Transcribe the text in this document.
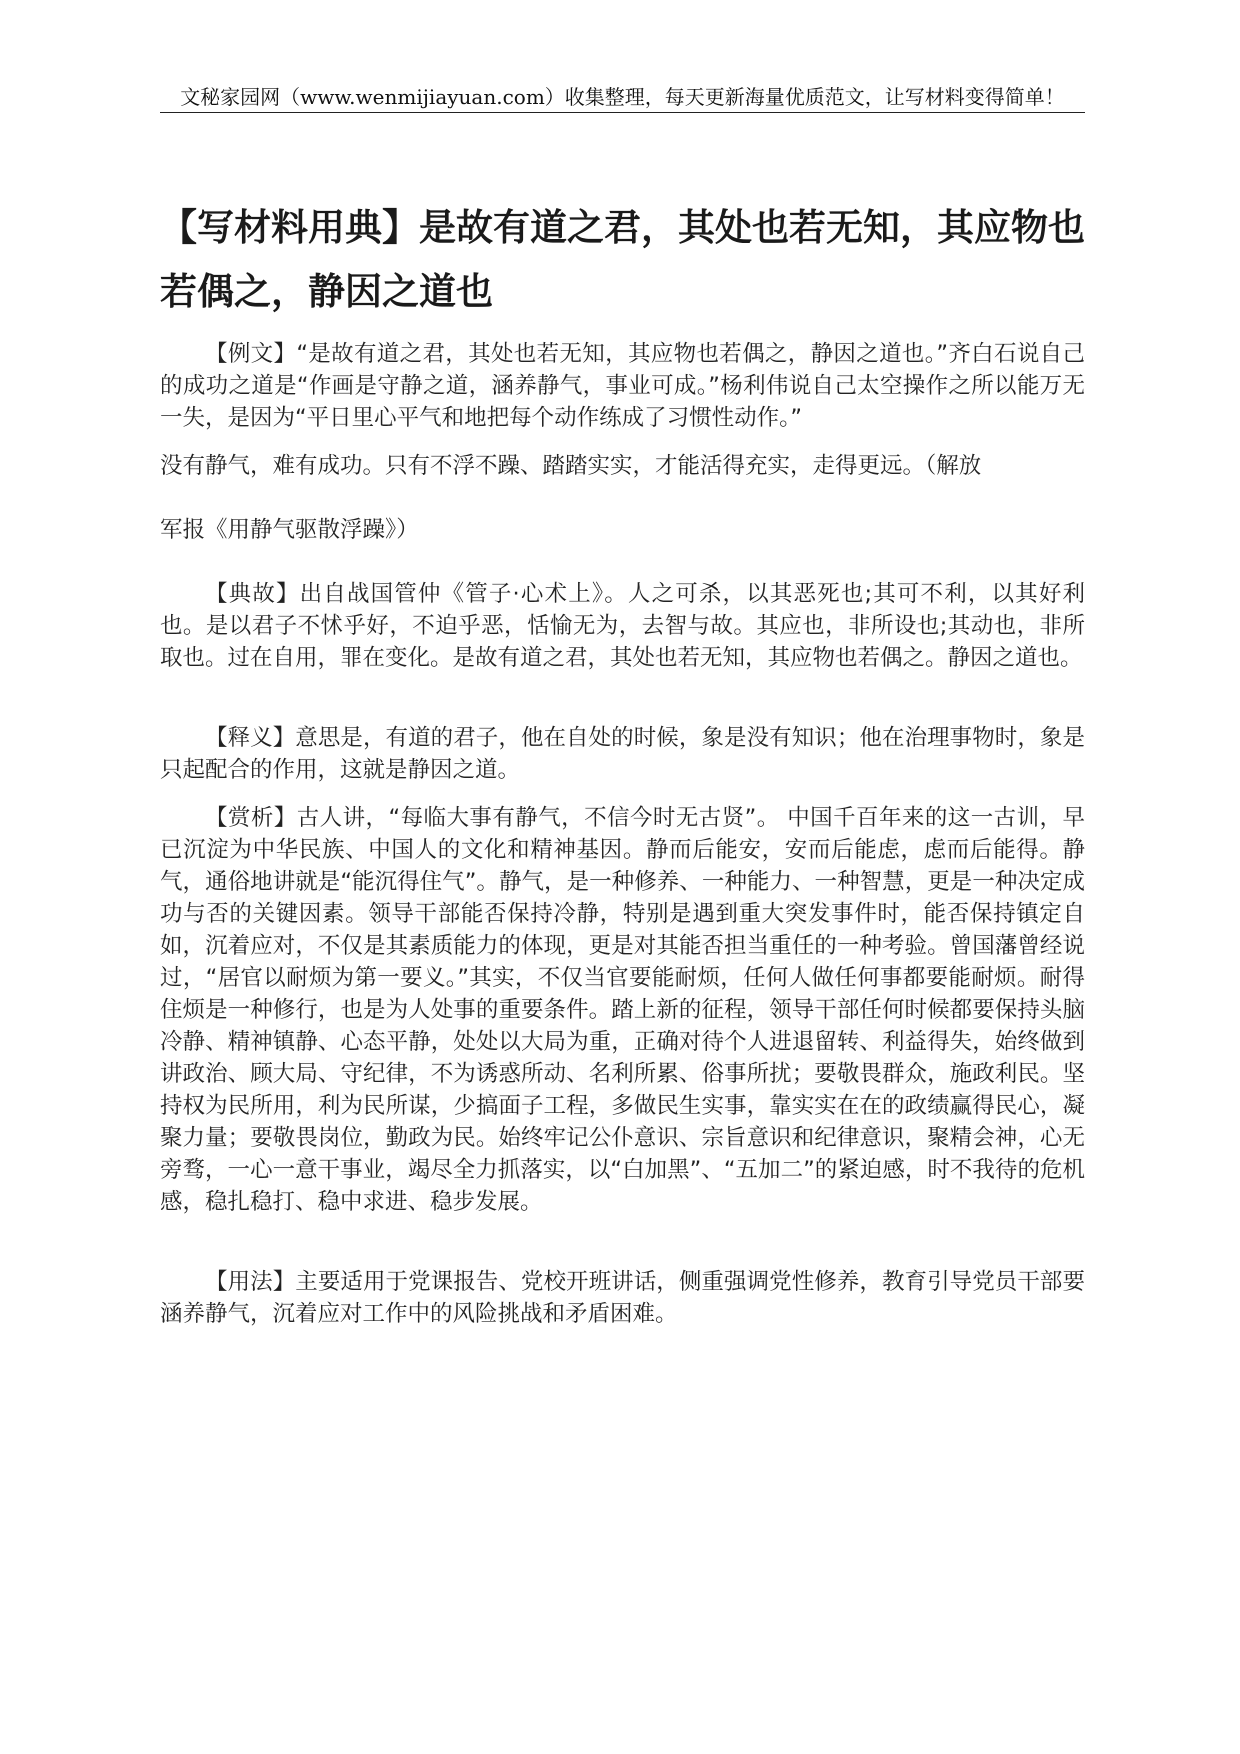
文秘家园网（www.wenmijiayuan.com）收集整理，每天更新海量优质范文，让写材料变得简单！
【写材料用典】是故有道之君，其处也若无知，其应物也若偶之，静因之道也

【例文】“是故有道之君，其处也若无知，其应物也若偶之，静因之道也。”齐白石说自己的成功之道是“作画是守静之道，涵养静气，事业可成。”杨利伟说自己太空操作之所以能万无一失，是因为“平日里心平气和地把每个动作练成了习惯性动作。”

没有静气，难有成功。只有不浮不躁、踏踏实实，才能活得充实，走得更远。（解放
军报《用静气驱散浮躁》）

【典故】出自战国管仲《管子·心术上》。人之可杀，以其恶死也;其可不利，以其好利也。是以君子不怵乎好，不迫乎恶，恬愉无为，去智与故。其应也，非所设也;其动也，非所取也。过在自用，罪在变化。是故有道之君，其处也若无知，其应物也若偶之。静因之道也。

【释义】意思是，有道的君子，他在自处的时候，象是没有知识；他在治理事物时，象是只起配合的作用，这就是静因之道。

【赏析】古人讲，“每临大事有静气，不信今时无古贤”。 中国千百年来的这一古训，早已沉淀为中华民族、中国人的文化和精神基因。静而后能安，安而后能虑，虑而后能得。静气，通俗地讲就是“能沉得住气”。静气，是一种修养、一种能力、一种智慧，更是一种决定成功与否的关键因素。领导干部能否保持冷静，特别是遇到重大突发事件时，能否保持镇定自如，沉着应对，不仅是其素质能力的体现，更是对其能否担当重任的一种考验。曾国藩曾经说过，“居官以耐烦为第一要义。”其实，不仅当官要能耐烦，任何人做任何事都要能耐烦。耐得住烦是一种修行，也是为人处事的重要条件。踏上新的征程，领导干部任何时候都要保持头脑冷静、精神镇静、心态平静，处处以大局为重，正确对待个人进退留转、利益得失，始终做到讲政治、顾大局、守纪律，不为诱惑所动、名利所累、俗事所扰；要敬畏群众，施政利民。坚持权为民所用，利为民所谋，少搞面子工程，多做民生实事，靠实实在在的政绩赢得民心，凝聚力量；要敬畏岗位，勤政为民。始终牢记公仆意识、宗旨意识和纪律意识，聚精会神，心无旁骛，一心一意干事业，竭尽全力抓落实，以“白加黑”、“五加二”的紧迫感，时不我待的危机感，稳扎稳打、稳中求进、稳步发展。

【用法】主要适用于党课报告、党校开班讲话，侧重强调党性修养，教育引导党员干部要涵养静气，沉着应对工作中的风险挑战和矛盾困难。
